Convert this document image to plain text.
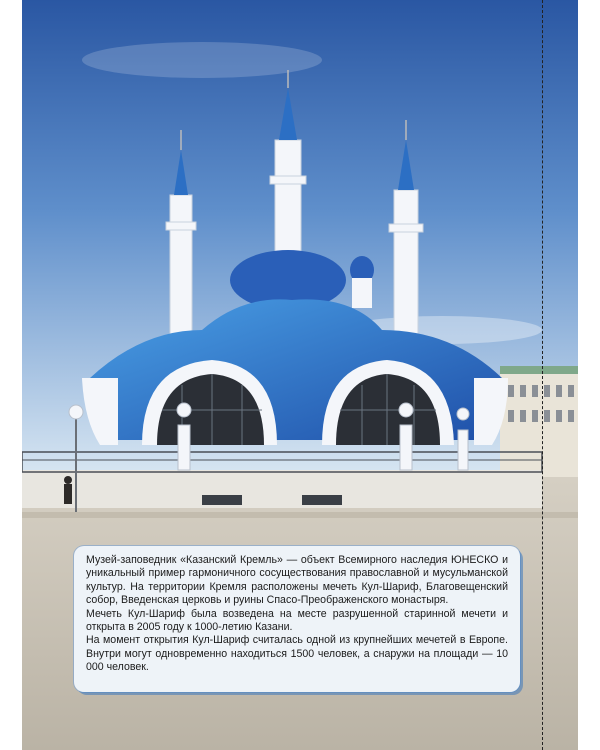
Музей-заповедник «Казанский Кремль» — объект Всемирного наследия ЮНЕСКО и уникальный пример гармоничного сосуществования православной и мусульманской культур. На территории Кремля расположены мечеть Кул-Шариф, Благовещенский собор, Введенская церковь и руины Спасо-Преображенского монастыря.

Мечеть Кул-Шариф была возведена на месте разрушенной старинной мечети и открыта в 2005 году к 1000-летию Казани.

На момент открытия Кул-Шариф считалась одной из крупнейших мечетей в Европе. Внутри могут одновременно находиться 1500 человек, а снаружи на площади — 10 000 человек.
